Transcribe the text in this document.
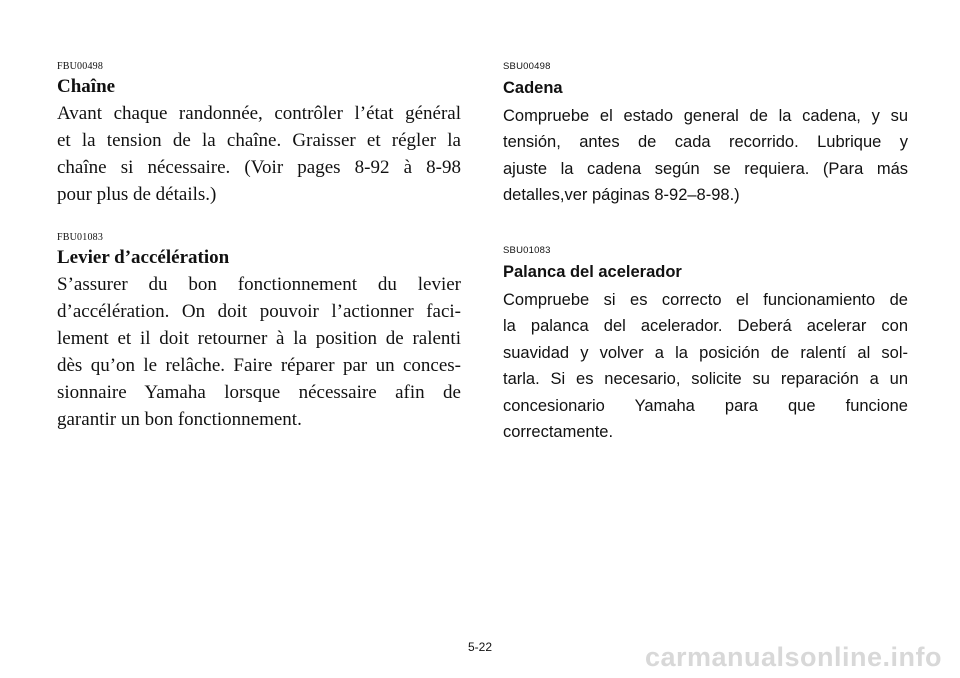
FBU00498
Chaîne
Avant chaque randonnée, contrôler l’état général
et la tension de la chaîne. Graisser et régler la
chaîne si nécessaire. (Voir pages 8-92 à 8-98
pour plus de détails.)
FBU01083
Levier d’accélération
S’assurer du bon fonctionnement du levier
d’accélération. On doit pouvoir l’actionner faci-
lement et il doit retourner à la position de ralenti
dès qu’on le relâche. Faire réparer par un conces-
sionnaire Yamaha lorsque nécessaire afin de
garantir un bon fonctionnement.
SBU00498
Cadena
Compruebe el estado general de la cadena, y su
tensión, antes de cada recorrido. Lubrique y
ajuste la cadena según se requiera. (Para más
detalles,ver páginas 8-92–8-98.)
SBU01083
Palanca del acelerador
Compruebe si es correcto el funcionamiento de
la palanca del acelerador. Deberá acelerar con
suavidad y volver a la posición de ralentí al sol-
tarla. Si es necesario, solicite su reparación a un
concesionario Yamaha para que funcione
correctamente.
5-22	carmanualsonline.info
